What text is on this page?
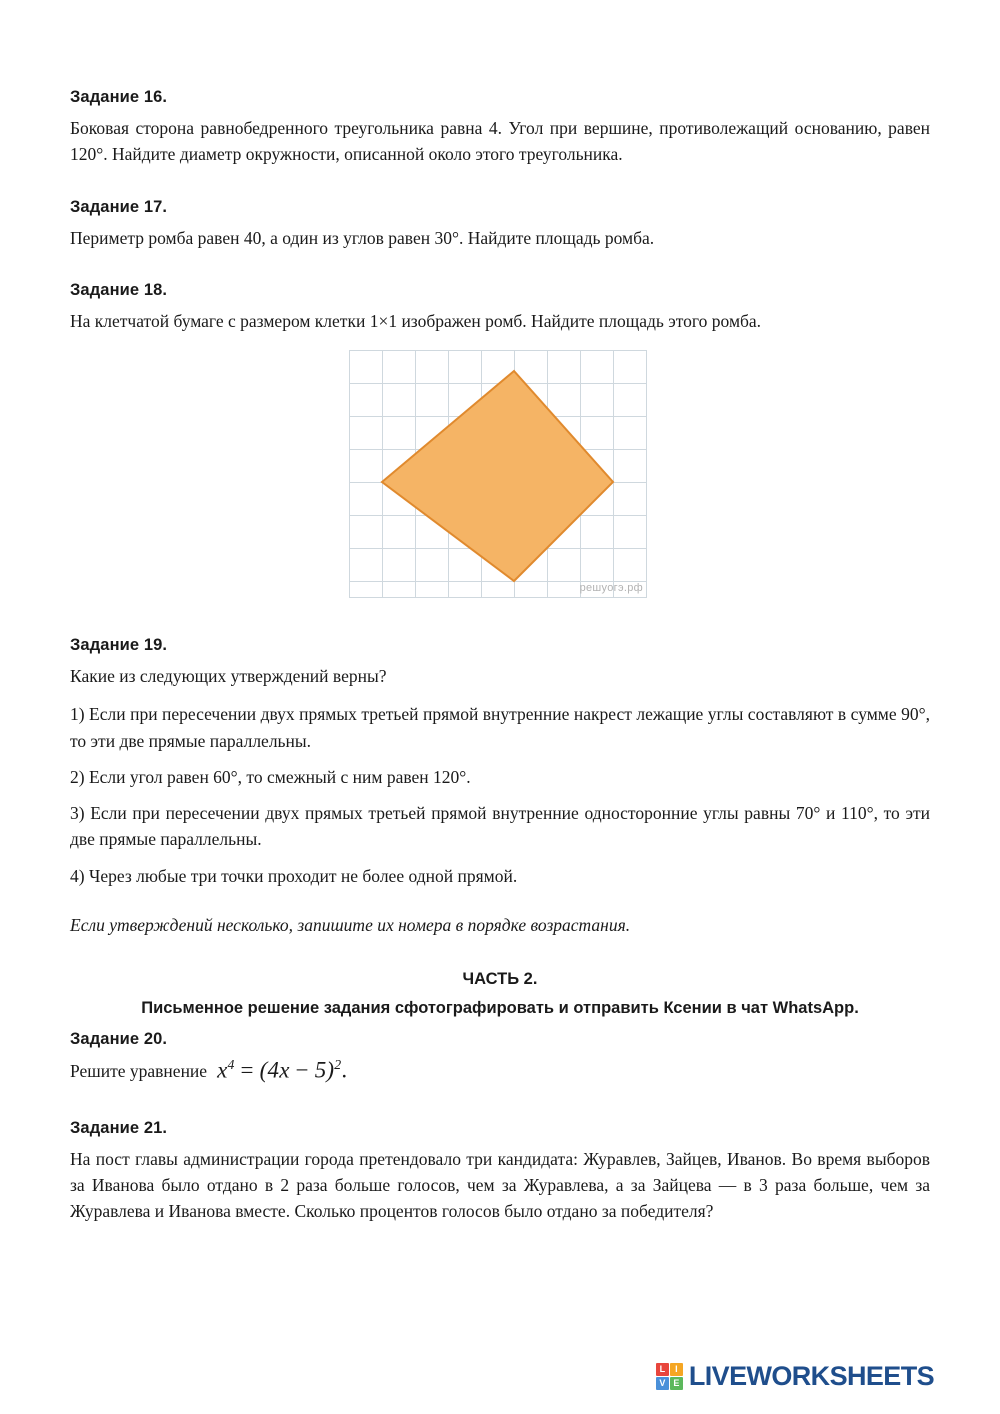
Задание 16.

Боковая сторона равнобедренного треугольника равна 4. Угол при вершине, противолежащий основанию, равен 120°. Найдите диаметр окружности, описанной около этого треугольника.

Задание 17.

Периметр ромба равен 40, а один из углов равен 30°. Найдите площадь ромба.

Задание 18.

На клетчатой бумаге с размером клетки 1×1 изображен ромб. Найдите площадь этого ромба.

решуогэ.рф
Задание 19.

Какие из следующих утверждений верны?

1) Если при пересечении двух прямых третьей прямой внутренние накрест лежащие углы составляют в сумме 90°, то эти две прямые параллельны.

2) Если угол равен 60°, то смежный с ним равен 120°.

3) Если при пересечении двух прямых третьей прямой внутренние односторонние углы равны 70° и 110°, то эти две прямые параллельны.

4) Через любые три точки проходит не более одной прямой.

Если утверждений несколько, запишите их номера в порядке возрастания.

ЧАСТЬ 2.

Письменное решение задания сфотографировать и отправить Ксении в чат WhatsApp.

Задание 20.
Решите уравнение $x^4 = (4x - 5)^2$.
Задание 21.

На пост главы администрации города претендовало три кандидата: Журавлев, Зайцев, Иванов. Во время выборов за Иванова было отдано в 2 раза больше голосов, чем за Журавлева, а за Зайцева — в 3 раза больше, чем за Журавлева и Иванова вместе. Сколько процентов голосов было отдано за победителя?

L	I
V E LIVEWORKSHEETS
